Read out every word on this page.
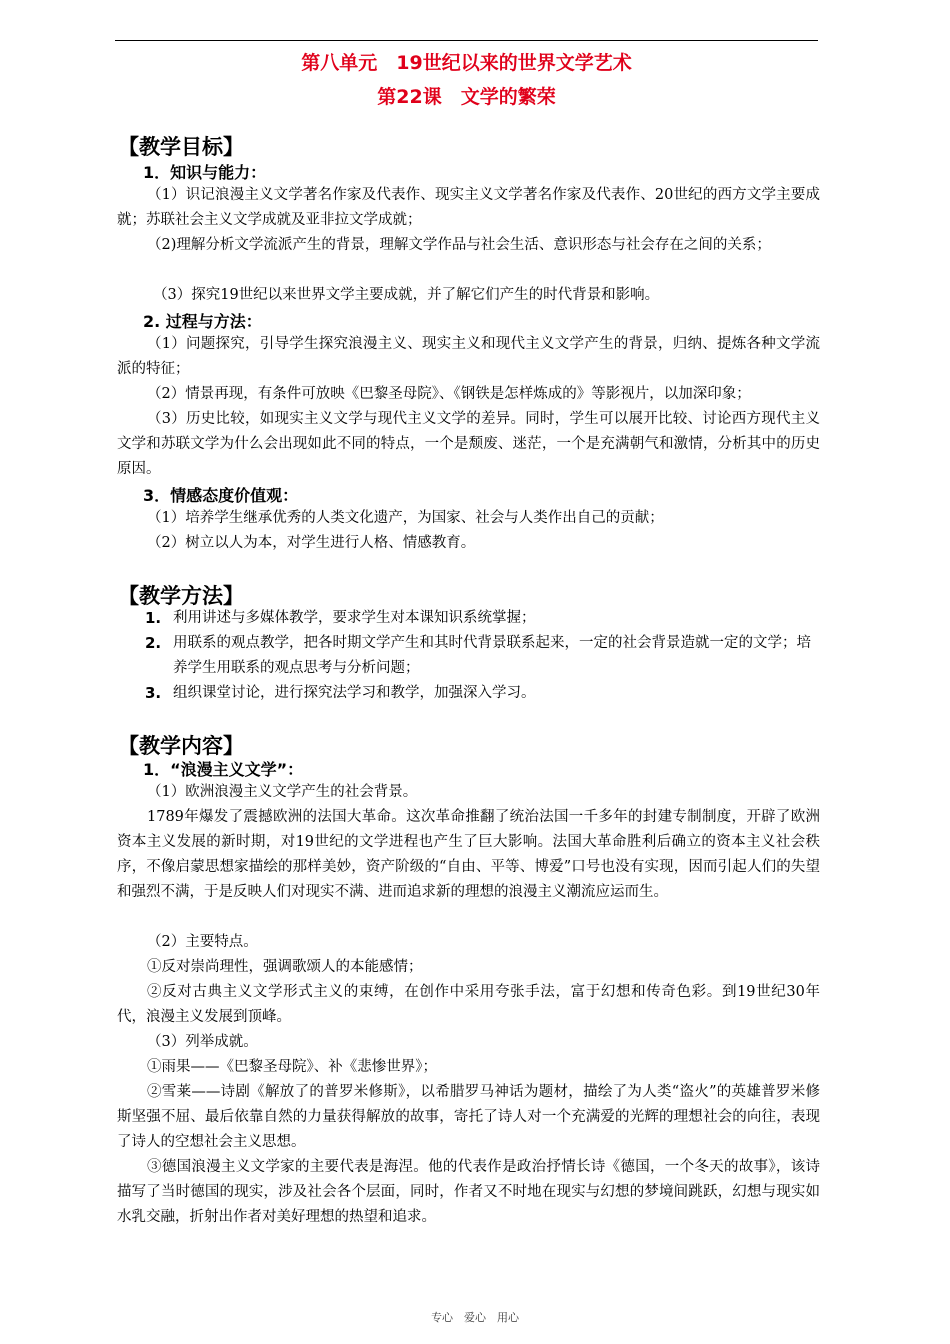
第八单元　19世纪以来的世界文学艺术
第22课　文学的繁荣
【教学目标】
1．知识与能力：
（1）识记浪漫主义文学著名作家及代表作、现实主义文学著名作家及代表作、20世纪的西方文学主要成就；苏联社会主义文学成就及亚非拉文学成就；
（2)理解分析文学流派产生的背景，理解文学作品与社会生活、意识形态与社会存在之间的关系；
（3）探究19世纪以来世界文学主要成就，并了解它们产生的时代背景和影响。
2. 过程与方法：
（1）问题探究，引导学生探究浪漫主义、现实主义和现代主义文学产生的背景，归纳、提炼各种文学流派的特征；
（2）情景再现，有条件可放映《巴黎圣母院》、《钢铁是怎样炼成的》等影视片，以加深印象；
（3）历史比较，如现实主义文学与现代主义文学的差异。同时，学生可以展开比较、讨论西方现代主义文学和苏联文学为什么会出现如此不同的特点，一个是颓废、迷茫，一个是充满朝气和激情，分析其中的历史原因。
3．情感态度价值观：
（1）培养学生继承优秀的人类文化遗产，为国家、社会与人类作出自己的贡献；
（2）树立以人为本，对学生进行人格、情感教育。
【教学方法】
1. 利用讲述与多媒体教学，要求学生对本课知识系统掌握；
2. 用联系的观点教学，把各时期文学产生和其时代背景联系起来，一定的社会背景造就一定的文学；培养学生用联系的观点思考与分析问题；
3. 组织课堂讨论，进行探究法学习和教学，加强深入学习。
【教学内容】
1．“浪漫主义文学”：
（1）欧洲浪漫主义文学产生的社会背景。
1789年爆发了震撼欧洲的法国大革命。这次革命推翻了统治法国一千多年的封建专制制度，开辟了欧洲资本主义发展的新时期，对19世纪的文学进程也产生了巨大影响。法国大革命胜利后确立的资本主义社会秩序，不像启蒙思想家描绘的那样美妙，资产阶级的“自由、平等、博爱”口号也没有实现，因而引起人们的失望和强烈不满，于是反映人们对现实不满、进而追求新的理想的浪漫主义潮流应运而生。
（2）主要特点。
①反对崇尚理性，强调歌颂人的本能感情；
②反对古典主义文学形式主义的束缚，在创作中采用夸张手法，富于幻想和传奇色彩。到19世纪30年代，浪漫主义发展到顶峰。
（3）列举成就。
①雨果——《巴黎圣母院》、补《悲惨世界》；
②雪莱——诗剧《解放了的普罗米修斯》，以希腊罗马神话为题材，描绘了为人类“盗火”的英雄普罗米修斯坚强不屈、最后依靠自然的力量获得解放的故事，寄托了诗人对一个充满爱的光辉的理想社会的向往，表现了诗人的空想社会主义思想。
③德国浪漫主义文学家的主要代表是海涅。他的代表作是政治抒情长诗《德国，一个冬天的故事》，该诗描写了当时德国的现实，涉及社会各个层面，同时，作者又不时地在现实与幻想的梦境间跳跃，幻想与现实如水乳交融，折射出作者对美好理想的热望和追求。
专心　爱心　用心
